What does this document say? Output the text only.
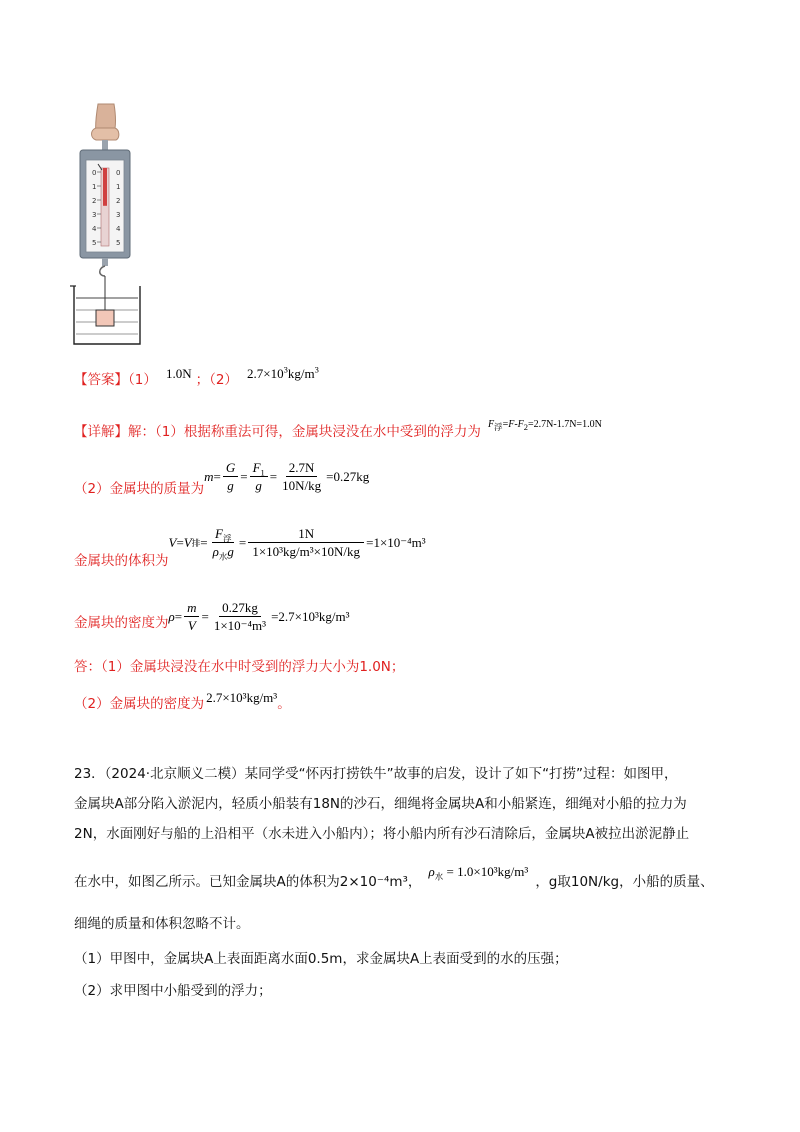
0	0
1	1
2	2
3	3
4	4
5	5
【答案】（1） $^{1.0N}$ ；（2） $^{2.7\times 10^3kg/m^3}$
【详解】解：（1）根据称重法可得，金属块浸没在水中受到的浮力为 $^{F_浮=F-F_2=2.7N-1.7N=1.0N}$
（2）金属块的质量为
$m = \frac{G}{g} = \frac{F_1}{g} = \frac{2.7N}{10N/kg} =0.27kg$
金属块的体积为
V = V 排 = $\frac{F_浮}{\rho_水g} = \frac{1N}{\text{1×10³kg/m³×10N/kg}} =1\times 10^{-4}m^3$
金属块的密度为 $\rho = \frac{m}{V} = \frac{0.27kg}{\text{1×10⁻⁴m³}} =2.7\times 10^3kg/m^3$
答：（1）金属块浸没在水中时受到的浮力大小为1.0N；
（2）金属块的密度为 $^{2.7\times 10^3kg/m^3}$。
23．（2024·北京顺义二模）某同学受“怀丙打捞铁牛”故事的启发，设计了如下“打捞”过程：如图甲，
金属块A部分陷入淤泥内，轻质小船装有18N的沙石，细绳将金属块A和小船紧连，细绳对小船的拉力为
2N，水面刚好与船的上沿相平（水未进入小船内）；将小船内所有沙石清除后，金属块A被拉出淤泥静止
在水中，如图乙所示。已知金属块A的体积为2×10⁻⁴m³， $^{\rho_水 = 1.0\times 10^3kg/m^3}$ ，g取10N/kg，小船的质量、
细绳的质量和体积忽略不计。
（1）甲图中，金属块A上表面距离水面0.5m，求金属块A上表面受到的水的压强；
（2）求甲图中小船受到的浮力；
